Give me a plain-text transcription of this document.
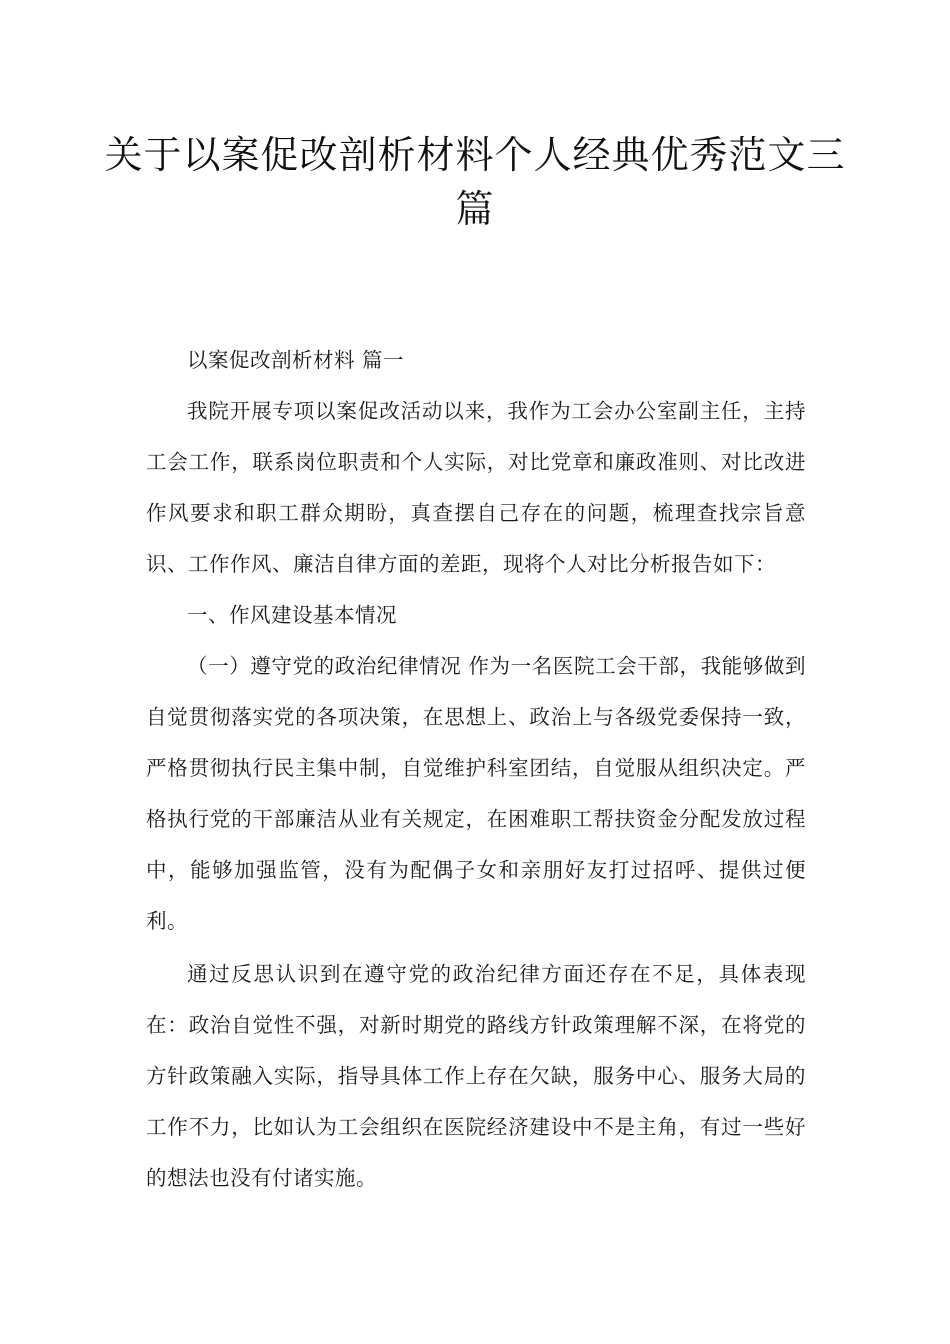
关于以案促改剖析材料个人经典优秀范文三篇

以案促改剖析材料 篇一

我院开展专项以案促改活动以来，我作为工会办公室副主任，主持工会工作，联系岗位职责和个人实际，对比党章和廉政准则、对比改进作风要求和职工群众期盼，真查摆自己存在的问题，梳理查找宗旨意识、工作作风、廉洁自律方面的差距，现将个人对比分析报告如下：

一、作风建设基本情况

（一）遵守党的政治纪律情况 作为一名医院工会干部，我能够做到自觉贯彻落实党的各项决策，在思想上、政治上与各级党委保持一致，严格贯彻执行民主集中制，自觉维护科室团结，自觉服从组织决定。严格执行党的干部廉洁从业有关规定，在困难职工帮扶资金分配发放过程中，能够加强监管，没有为配偶子女和亲朋好友打过招呼、提供过便利。

通过反思认识到在遵守党的政治纪律方面还存在不足，具体表现在：政治自觉性不强，对新时期党的路线方针政策理解不深，在将党的方针政策融入实际，指导具体工作上存在欠缺，服务中心、服务大局的工作不力，比如认为工会组织在医院经济建设中不是主角，有过一些好的想法也没有付诸实施。
